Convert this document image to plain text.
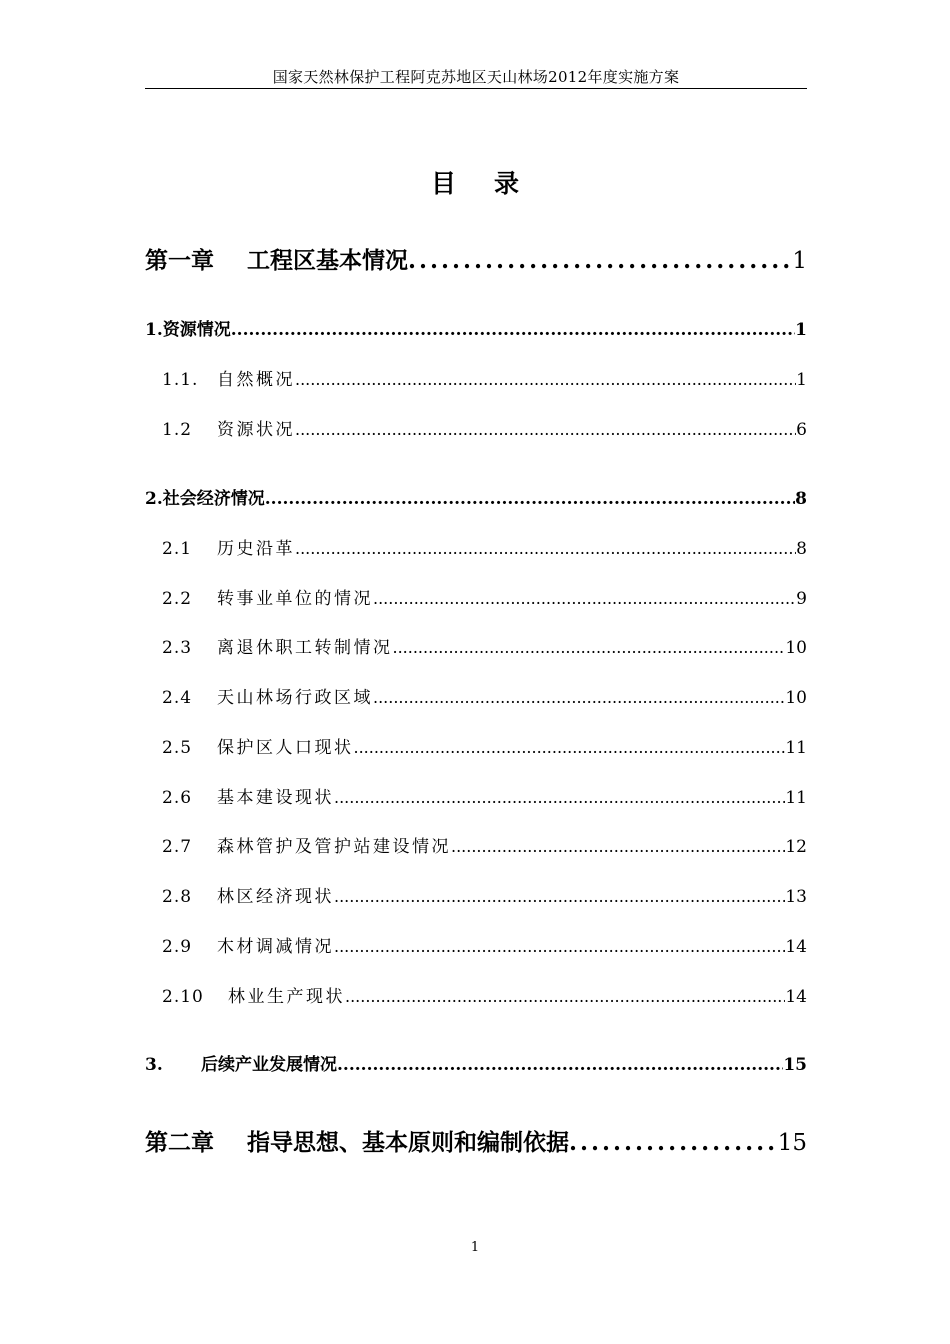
国家天然林保护工程阿克苏地区天山林场2012年度实施方案
目录
第一章	工程区基本情况 .....	1
1. 资源情况 .....	1
1.1.	自然概况 .....	1
1.2	资源状况 .....	6
2. 社会经济情况 .....	8
2.1	历史沿革 .....	8
2.2	转事业单位的情况 .....	9
2.3	离退休职工转制情况 .....	10
2.4	天山林场行政区域 .....	10
2.5	保护区人口现状 .....	11
2.6	基本建设现状 .....	11
2.7	森林管护及管护站建设情况 .....	12
2.8	林区经济现状 .....	13
2.9	木材调减情况 .....	14
2.10	林业生产现状 .....	14
3.	后续产业发展情况 .....	15
第二章	指导思想、基本原则和编制依据 .....	15
1
